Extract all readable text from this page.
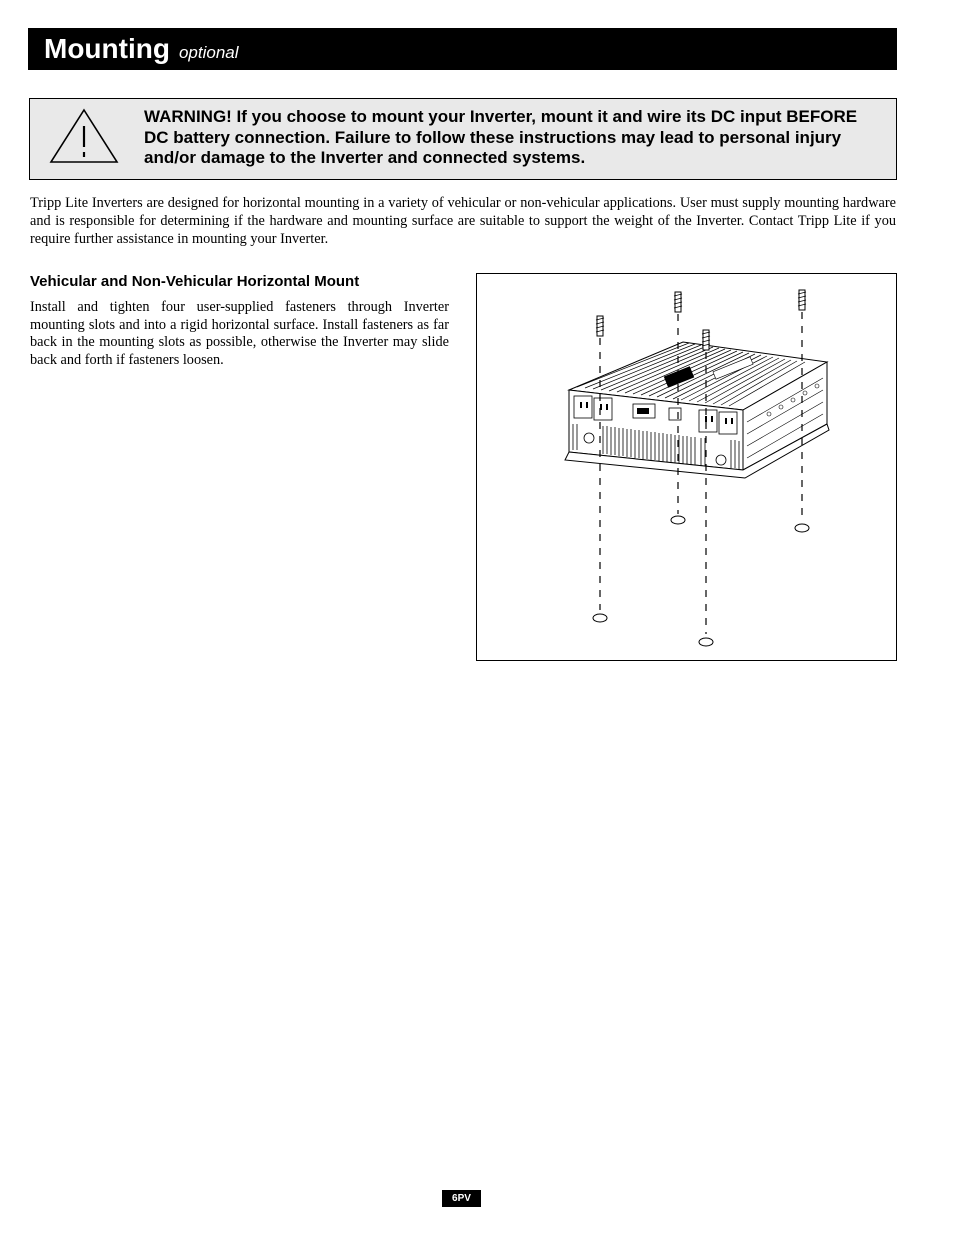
Mounting optional
WARNING! If you choose to mount your Inverter, mount it and wire its DC input BEFORE DC battery connection. Failure to follow these instructions may lead to personal injury and/or damage to the Inverter and connected systems.

Tripp Lite Inverters are designed for horizontal mounting in a variety of vehicular or non-vehicular applications. User must supply mounting hardware and is responsible for determining if the hardware and mounting surface are suitable to support the weight of the Inverter. Contact Tripp Lite if you require further assistance in mounting your Inverter.

Vehicular and Non-Vehicular Horizontal Mount

Install and tighten four user-supplied fasteners through Inverter mounting slots and into a rigid horizontal surface. Install fasteners as far back in the mounting slots as possible, otherwise the Inverter may slide back and forth if fasteners loosen.

6PV
